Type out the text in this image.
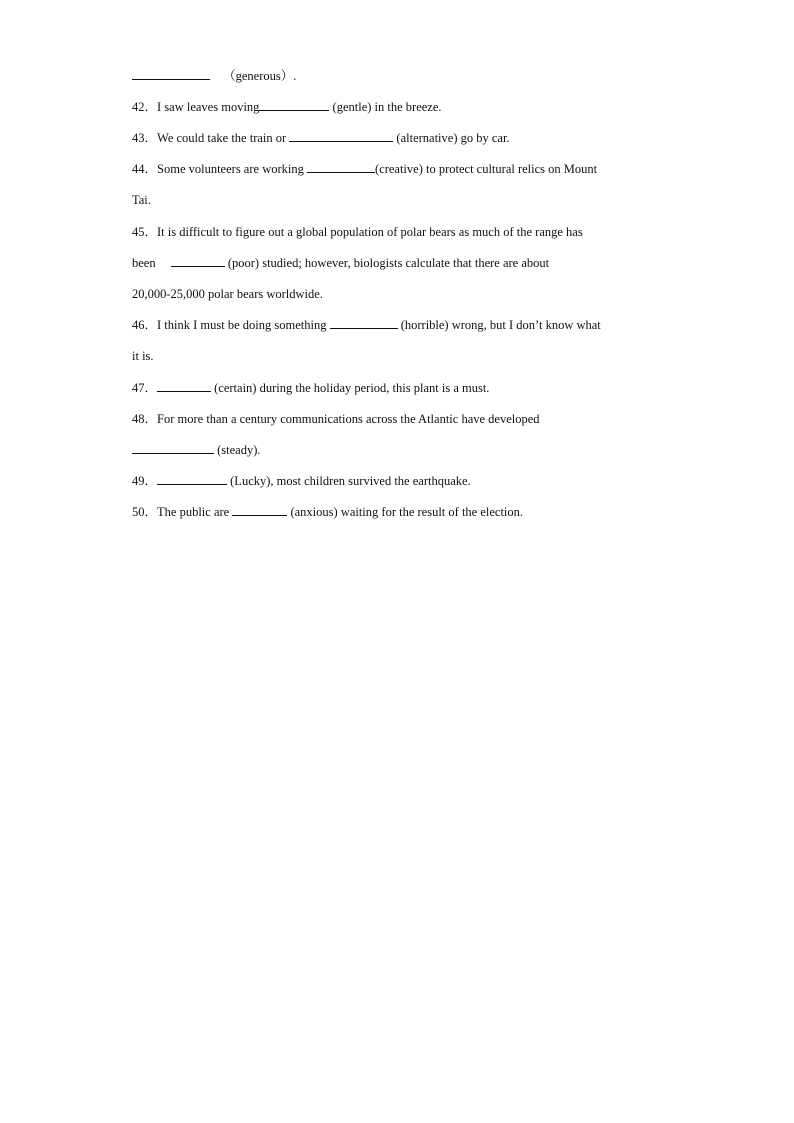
（generous）.
42．I saw leaves moving	(gentle) in the breeze.
43．We could take the train or	(alternative) go by car.
44．Some volunteers are working	(creative) to protect cultural relics on Mount
Tai.
45．It is difficult to figure out a global population of polar bears as much of the range has
been	(poor) studied; however, biologists calculate that there are about
20,000-25,000 polar bears worldwide.
46．I think I must be doing something	(horrible) wrong, but I don’t know what
it is.
47．	(certain) during the holiday period, this plant is a must.
48．For more than a century communications across the Atlantic have developed
(steady).
49．	(Lucky), most children survived the earthquake.
50．The public are	(anxious) waiting for the result of the election.
